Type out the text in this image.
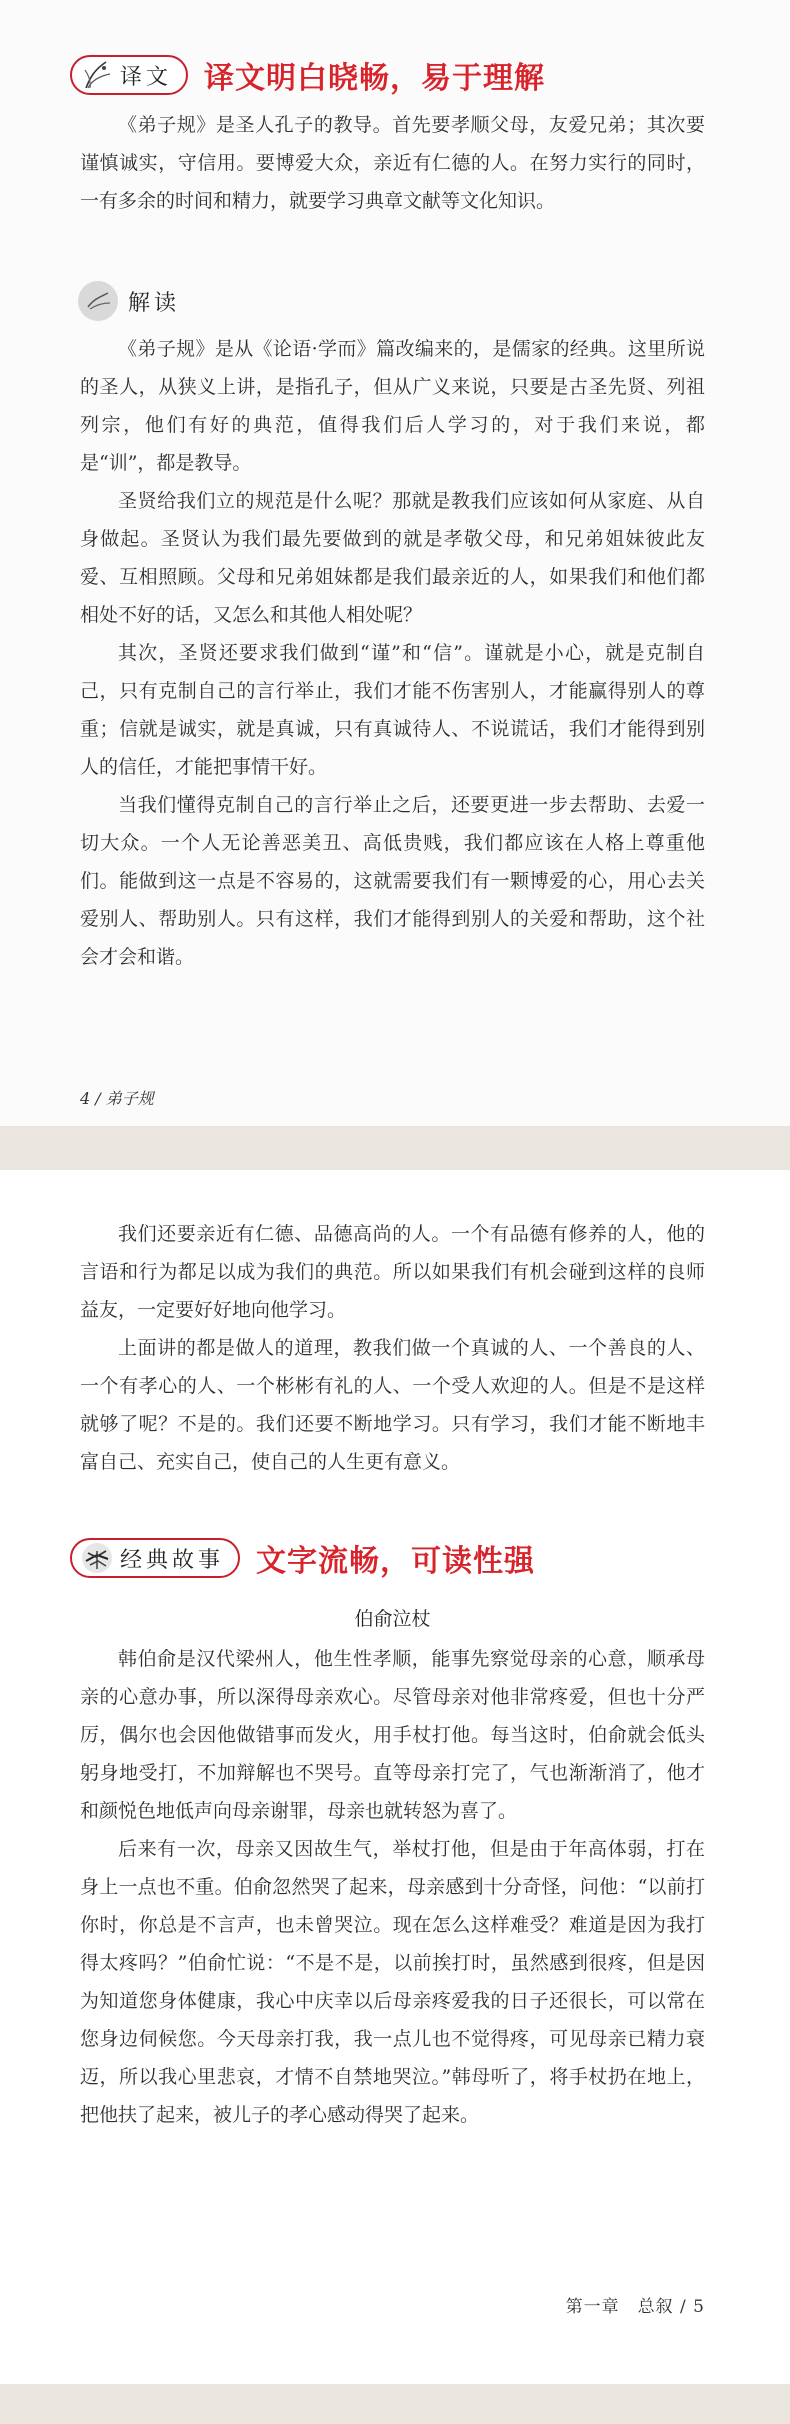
译文 译文明白晓畅，易于理解

《弟子规》是圣人孔子的教导。首先要孝顺父母，友爱兄弟；其次要谨慎诚实，守信用。要博爱大众，亲近有仁德的人。在努力实行的同时，一有多余的时间和精力，就要学习典章文献等文化知识。

解读

《弟子规》是从《论语·学而》篇改编来的，是儒家的经典。这里所说的圣人，从狭义上讲，是指孔子，但从广义来说，只要是古圣先贤、列祖列宗，他们有好的典范，值得我们后人学习的，对于我们来说，都是“训”，都是教导。

圣贤给我们立的规范是什么呢？那就是教我们应该如何从家庭、从自身做起。圣贤认为我们最先要做到的就是孝敬父母，和兄弟姐妹彼此友爱、互相照顾。父母和兄弟姐妹都是我们最亲近的人，如果我们和他们都相处不好的话，又怎么和其他人相处呢？

其次，圣贤还要求我们做到“谨”和“信”。谨就是小心，就是克制自己，只有克制自己的言行举止，我们才能不伤害别人，才能赢得别人的尊重；信就是诚实，就是真诚，只有真诚待人、不说谎话，我们才能得到别人的信任，才能把事情干好。

当我们懂得克制自己的言行举止之后，还要更进一步去帮助、去爱一切大众。一个人无论善恶美丑、高低贵贱，我们都应该在人格上尊重他们。能做到这一点是不容易的，这就需要我们有一颗博爱的心，用心去关爱别人、帮助别人。只有这样，我们才能得到别人的关爱和帮助，这个社会才会和谐。

4 / 弟子规

我们还要亲近有仁德、品德高尚的人。一个有品德有修养的人，他的言语和行为都足以成为我们的典范。所以如果我们有机会碰到这样的良师益友，一定要好好地向他学习。

上面讲的都是做人的道理，教我们做一个真诚的人、一个善良的人、一个有孝心的人、一个彬彬有礼的人、一个受人欢迎的人。但是不是这样就够了呢？不是的。我们还要不断地学习。只有学习，我们才能不断地丰富自己、充实自己，使自己的人生更有意义。

经典故事 文字流畅，可读性强
伯俞泣杖

韩伯俞是汉代梁州人，他生性孝顺，能事先察觉母亲的心意，顺承母亲的心意办事，所以深得母亲欢心。尽管母亲对他非常疼爱，但也十分严厉，偶尔也会因他做错事而发火，用手杖打他。每当这时，伯俞就会低头躬身地受打，不加辩解也不哭号。直等母亲打完了，气也渐渐消了，他才和颜悦色地低声向母亲谢罪，母亲也就转怒为喜了。

后来有一次，母亲又因故生气，举杖打他，但是由于年高体弱，打在身上一点也不重。伯俞忽然哭了起来，母亲感到十分奇怪，问他：“以前打你时，你总是不言声，也未曾哭泣。现在怎么这样难受？难道是因为我打得太疼吗？”伯俞忙说：“不是不是，以前挨打时，虽然感到很疼，但是因为知道您身体健康，我心中庆幸以后母亲疼爱我的日子还很长，可以常在您身边伺候您。今天母亲打我，我一点儿也不觉得疼，可见母亲已精力衰迈，所以我心里悲哀，才情不自禁地哭泣。”韩母听了，将手杖扔在地上，把他扶了起来，被儿子的孝心感动得哭了起来。

第一章　总叙 / 5
